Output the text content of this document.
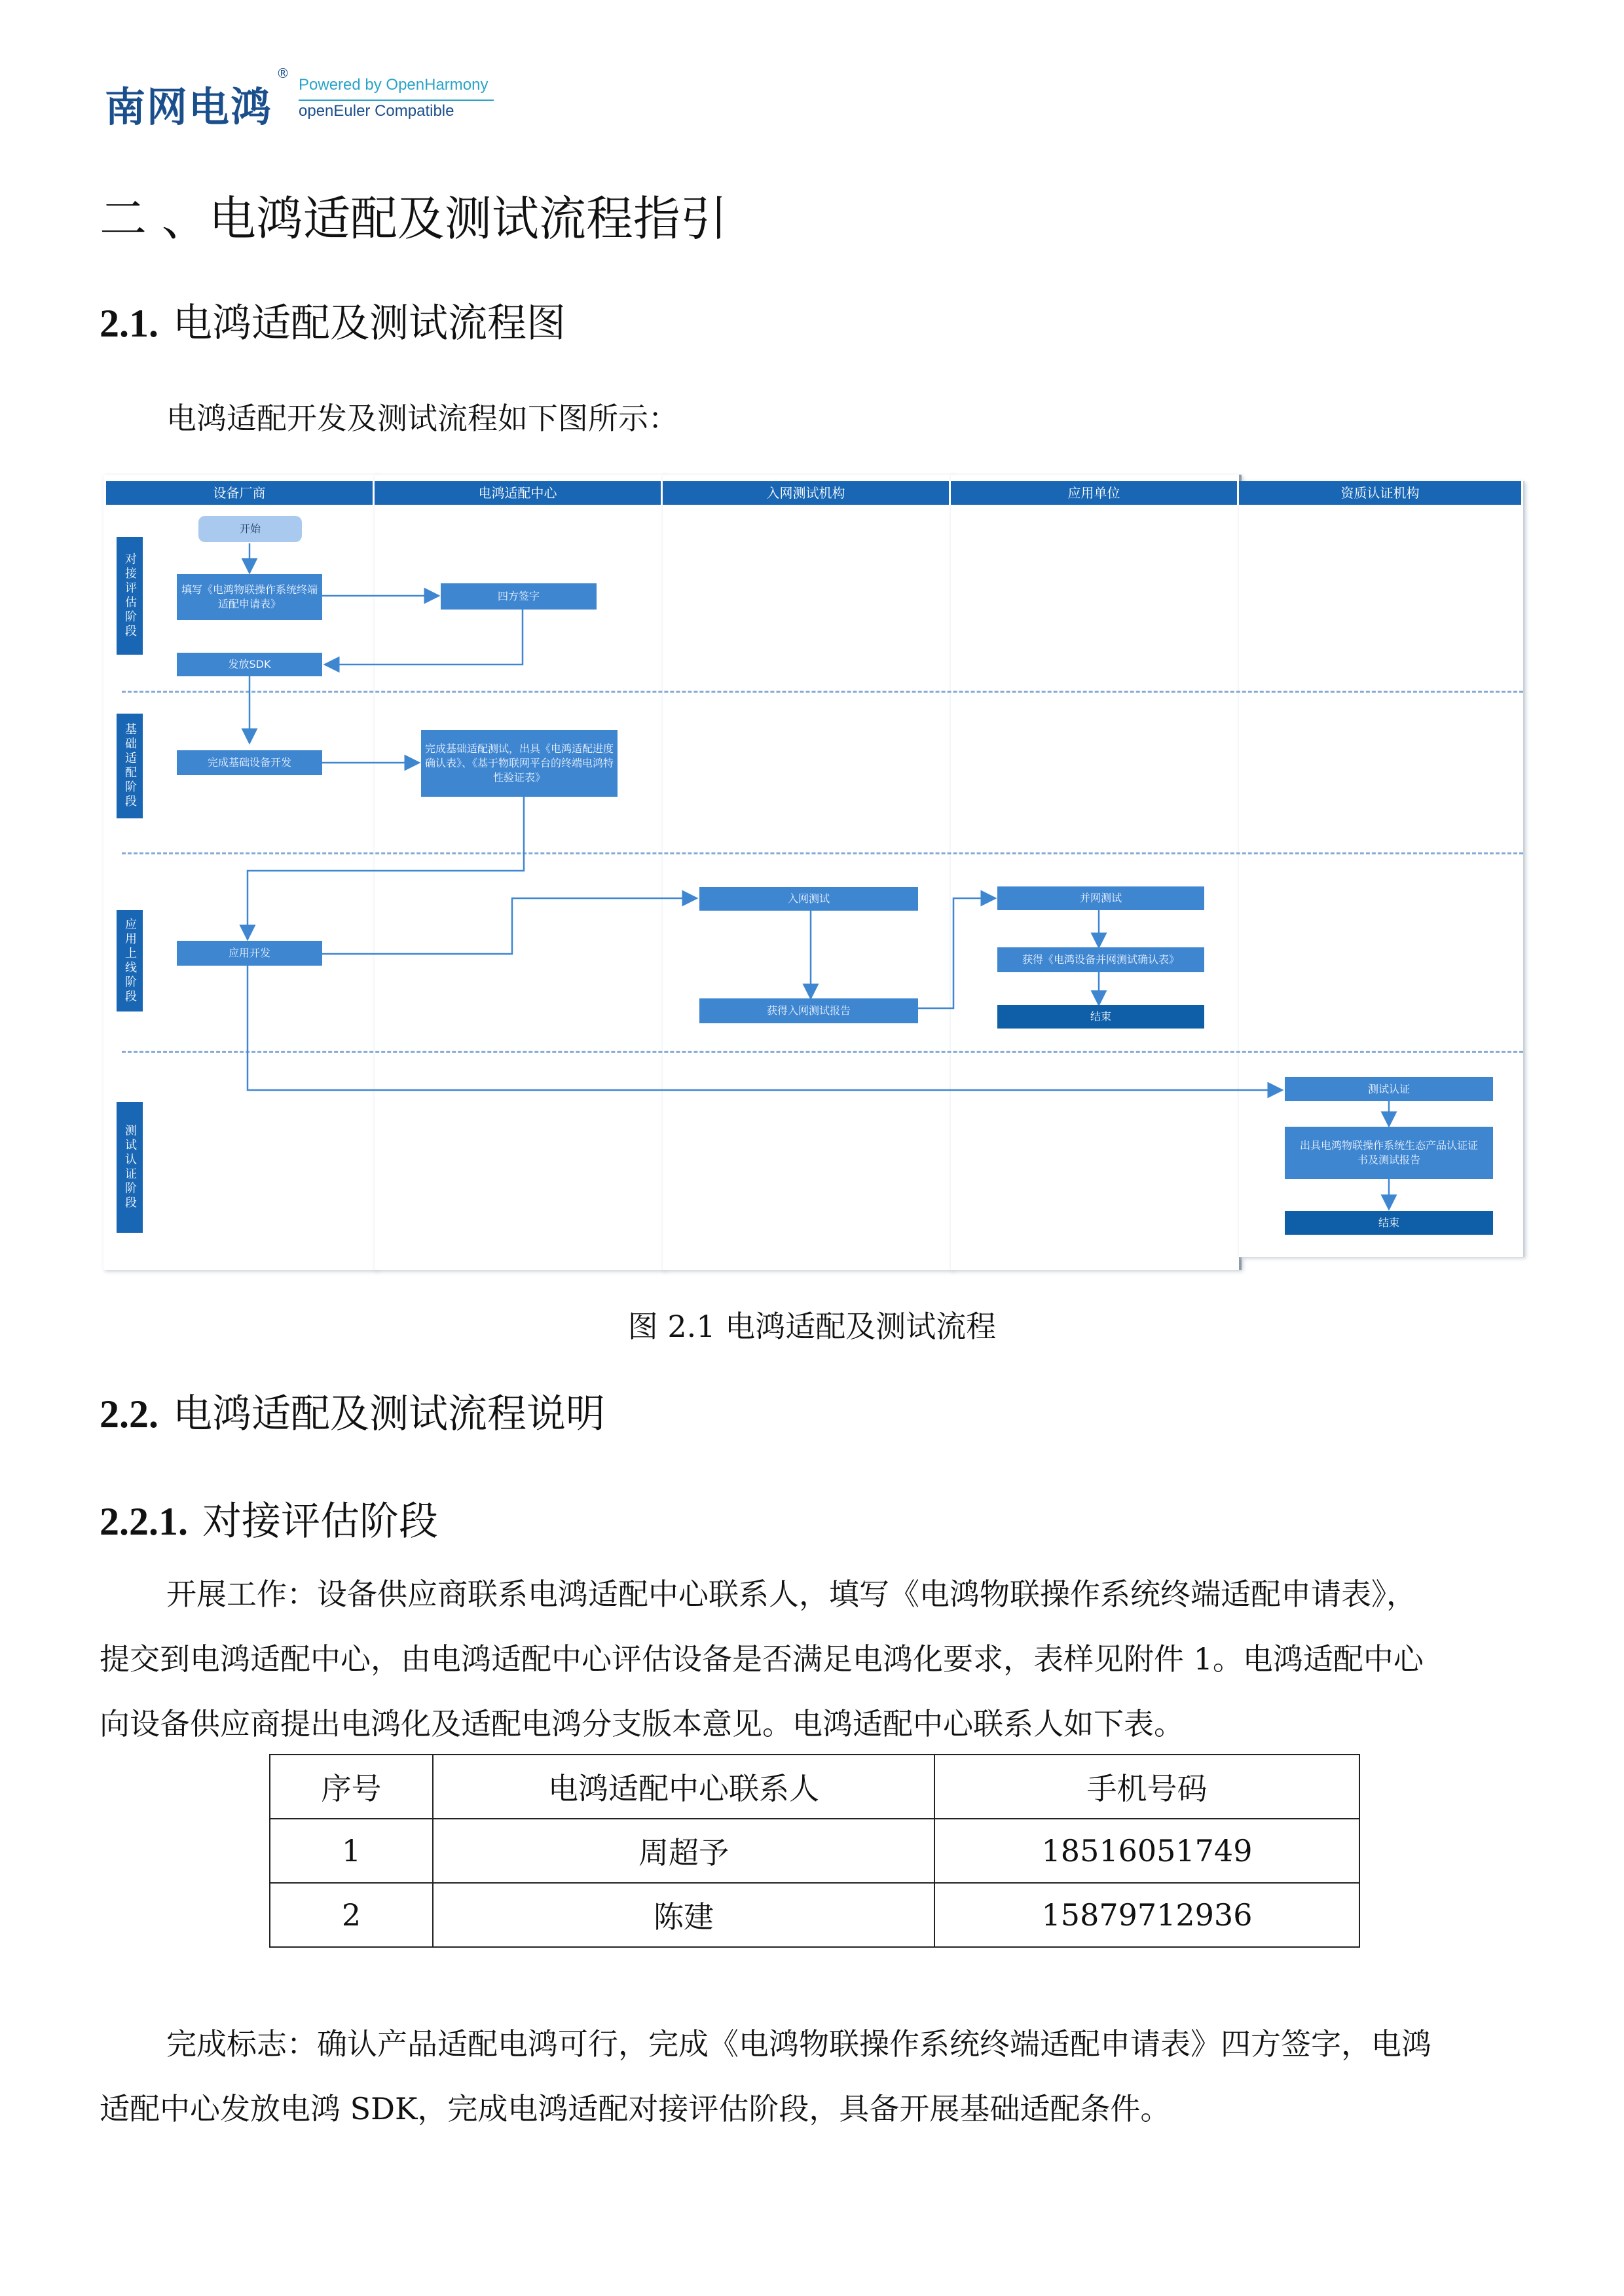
南网电鸿
®
Powered by OpenHarmony
openEuler Compatible
二 、电鸿适配及测试流程指引
2.1. 电鸿适配及测试流程图
电鸿适配开发及测试流程如下图所示：
设备厂商	电鸿适配中心	入网测试机构	应用单位	资质认证机构
对接评估阶段
基础适配阶段
应用上线阶段
测试认证阶段
开始
填写《电鸿物联操作系统终端适配申请表》
四方签字
发放SDK
完成基础设备开发
完成基础适配测试，出具《电鸿适配进度确认表》、《基于物联网平台的终端电鸿特性验证表》
应用开发
入网测试
获得入网测试报告
并网测试
获得《电鸿设备并网测试确认表》
结束
测试认证
出具电鸿物联操作系统生态产品认证证书及测试报告
结束
图 2.1 电鸿适配及测试流程
2.2. 电鸿适配及测试流程说明
2.2.1. 对接评估阶段
开展工作：设备供应商联系电鸿适配中心联系人，填写《电鸿物联操作系统终端适配申请表》，
提交到电鸿适配中心，由电鸿适配中心评估设备是否满足电鸿化要求，表样见附件 1。电鸿适配中心
向设备供应商提出电鸿化及适配电鸿分支版本意见。电鸿适配中心联系人如下表。
序号	电鸿适配中心联系人	手机号码
1	周超予	18516051749
2	陈建	15879712936
完成标志：确认产品适配电鸿可行，完成《电鸿物联操作系统终端适配申请表》四方签字，电鸿
适配中心发放电鸿 SDK，完成电鸿适配对接评估阶段，具备开展基础适配条件。
